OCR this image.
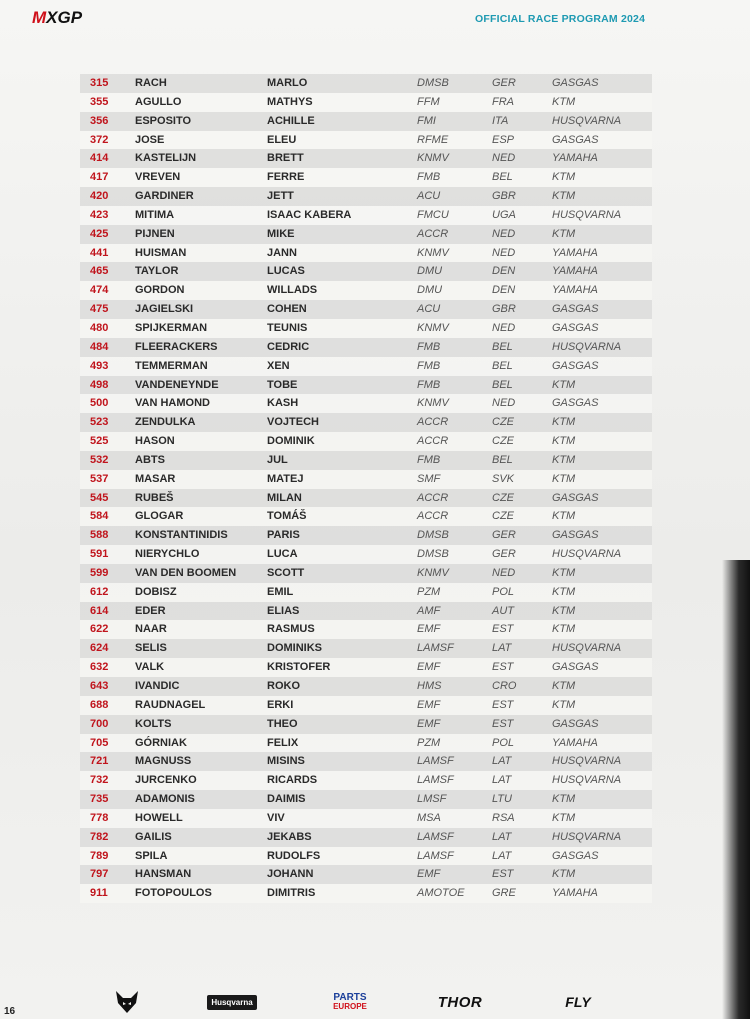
MXGP	OFFICIAL RACE PROGRAM 2024
315 RACH	MARLO	DMSB	GER	GASGAS
355 AGULLO	MATHYS	FFM	FRA	KTM
356 ESPOSITO	ACHILLE	FMI	ITA	HUSQVARNA
372 JOSE	ELEU	RFME	ESP	GASGAS
414 KASTELIJN	BRETT	KNMV	NED	YAMAHA
417 VREVEN	FERRE	FMB	BEL	KTM
420 GARDINER	JETT	ACU	GBR	KTM
423 MITIMA	ISAAC KABERA	FMCU	UGA	HUSQVARNA
425 PIJNEN	MIKE	ACCR	NED	KTM
441 HUISMAN	JANN	KNMV	NED	YAMAHA
465 TAYLOR	LUCAS	DMU	DEN	YAMAHA
474 GORDON	WILLADS	DMU	DEN	YAMAHA
475 JAGIELSKI	COHEN	ACU	GBR	GASGAS
480 SPIJKERMAN	TEUNIS	KNMV	NED	GASGAS
484 FLEERACKERS	CEDRIC	FMB	BEL	HUSQVARNA
493 TEMMERMAN	XEN	FMB	BEL	GASGAS
498 VANDENEYNDE	TOBE	FMB	BEL	KTM
500 VAN HAMOND	KASH	KNMV	NED	GASGAS
523 ZENDULKA	VOJTECH	ACCR	CZE	KTM
525 HASON	DOMINIK	ACCR	CZE	KTM
532 ABTS	JUL	FMB	BEL	KTM
537 MASAR	MATEJ	SMF	SVK	KTM
545 RUBEŠ	MILAN	ACCR	CZE	GASGAS
584 GLOGAR	TOMÁŠ	ACCR	CZE	KTM
588 KONSTANTINIDIS	PARIS	DMSB	GER	GASGAS
591 NIERYCHLO	LUCA	DMSB	GER	HUSQVARNA
599 VAN DEN BOOMEN	SCOTT	KNMV	NED	KTM
612 DOBISZ	EMIL	PZM	POL	KTM
614 EDER	ELIAS	AMF	AUT	KTM
622 NAAR	RASMUS	EMF	EST	KTM
624 SELIS	DOMINIKS	LAMSF	LAT	HUSQVARNA
632 VALK	KRISTOFER	EMF	EST	GASGAS
643 IVANDIC	ROKO	HMS	CRO	KTM
688 RAUDNAGEL	ERKI	EMF	EST	KTM
700 KOLTS	THEO	EMF	EST	GASGAS
705 GÓRNIAK	FELIX	PZM	POL	YAMAHA
721 MAGNUSS	MISINS	LAMSF	LAT	HUSQVARNA
732 JURCENKO	RICARDS	LAMSF	LAT	HUSQVARNA
735 ADAMONIS	DAIMIS	LMSF	LTU	KTM
778 HOWELL	VIV	MSA	RSA	KTM
782 GAILIS	JEKABS	LAMSF	LAT	HUSQVARNA
789 SPILA	RUDOLFS	LAMSF	LAT	GASGAS
797 HANSMAN	JOHANN	EMF	EST	KTM
911 FOTOPOULOS	DIMITRIS	AMOTOE	GRE	YAMAHA
16
Husqvarna	PARTS
EUROPE	THOR	FLY
